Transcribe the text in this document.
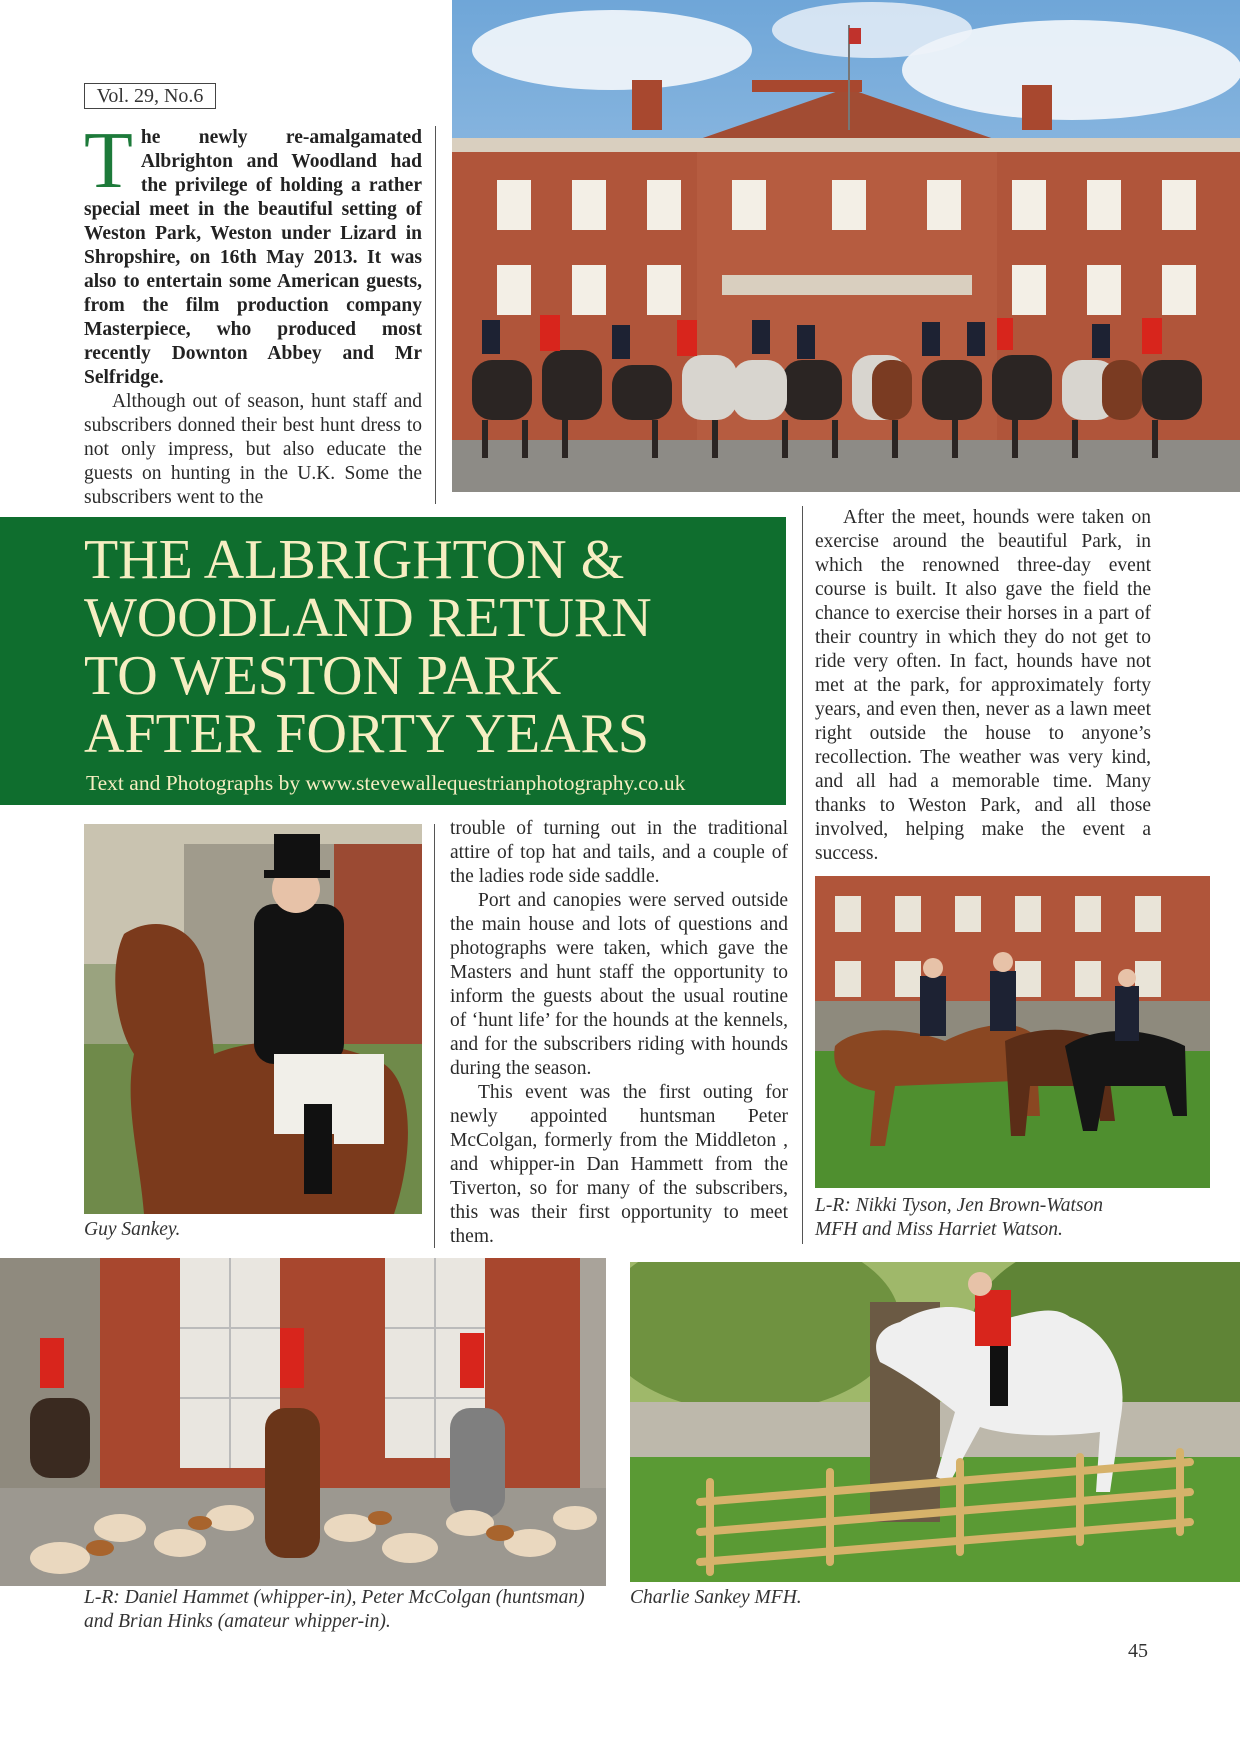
Vol. 29, No.6

The newly re-amalgamated Albrighton and Woodland had the privilege of holding a rather special meet in the beautiful setting of Weston Park, Weston under Lizard in Shropshire, on 16th May 2013. It was also to entertain some American guests, from the film production company Masterpiece, who produced most recently Downton Abbey and Mr Selfridge.

Although out of season, hunt staff and subscribers donned their best hunt dress to not only impress, but also educate the guests on hunting in the U.K. Some the subscribers went to the

THE ALBRIGHTON &
WOODLAND RETURN
TO WESTON PARK
AFTER FORTY YEARS
Text and Photographs by www.stevewallequestrianphotography.co.uk

After the meet, hounds were taken on exercise around the beautiful Park, in which the renowned three-day event course is built. It also gave the field the chance to exercise their horses in a part of their country in which they do not get to ride very often. In fact, hounds have not met at the park, for approximately forty years, and even then, never as a lawn meet right outside the house to anyone’s recollection. The weather was very kind, and all had a memorable time. Many thanks to Weston Park, and all those involved, helping make the event a success.

Guy Sankey.

trouble of turning out in the traditional attire of top hat and tails, and a couple of the ladies rode side saddle.

Port and canopies were served outside the main house and lots of questions and photographs were taken, which gave the Masters and hunt staff the opportunity to inform the guests about the usual routine of ‘hunt life’ for the hounds at the kennels, and for the subscribers riding with hounds during the season.

This event was the first outing for newly appointed huntsman Peter McColgan, formerly from the Middleton , and whipper-in Dan Hammett from the Tiverton, so for many of the subscribers, this was their first opportunity to meet them.

L-R: Nikki Tyson, Jen Brown-Watson
MFH and Miss Harriet Watson.
L-R: Daniel Hammet (whipper-in), Peter McColgan (huntsman)
and Brian Hinks (amateur whipper-in).
Charlie Sankey MFH.
45
